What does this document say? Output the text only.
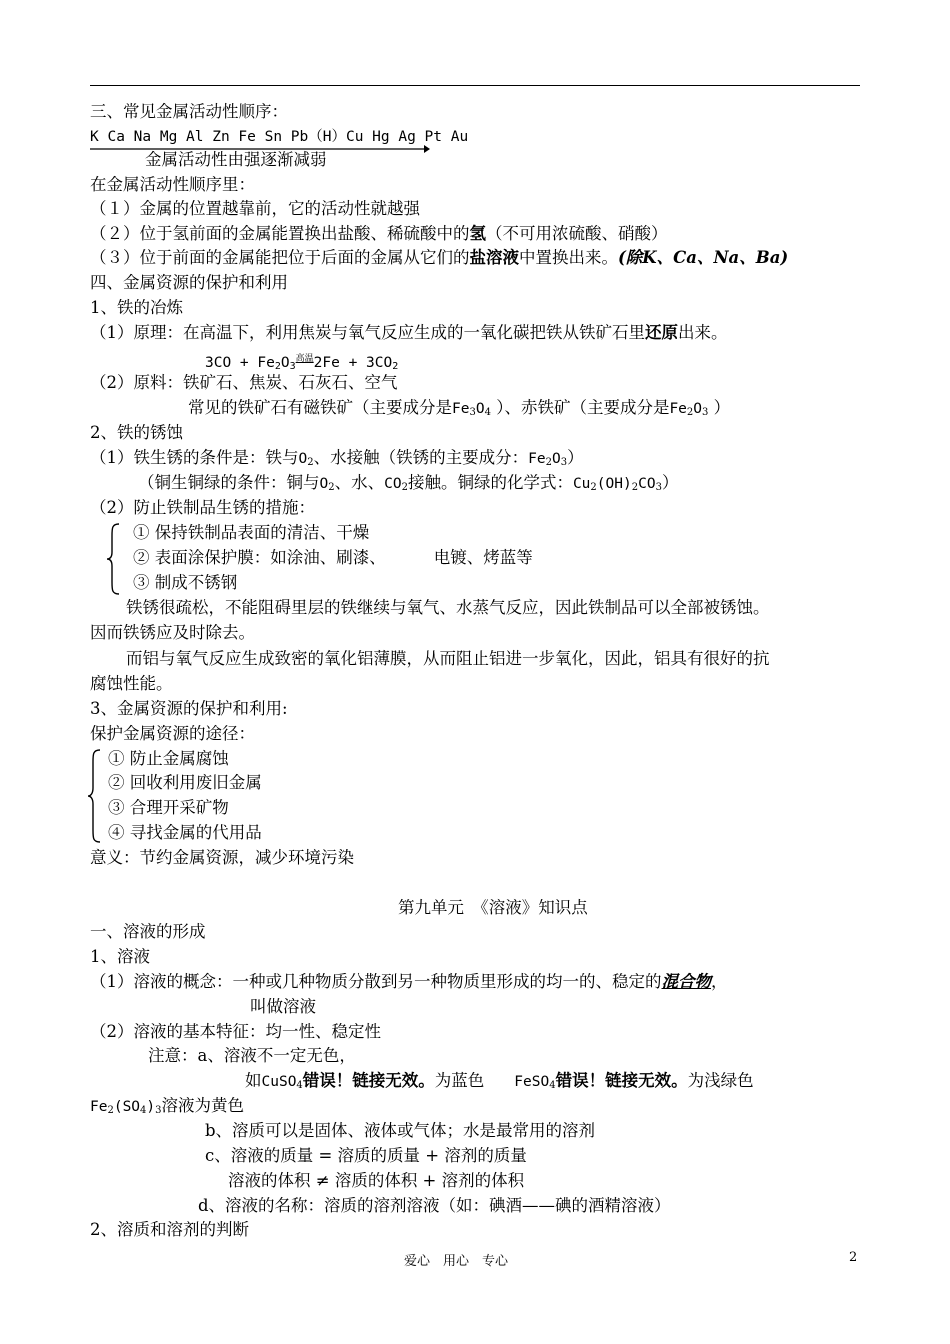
三、常见金属活动性顺序：
K Ca Na Mg Al Zn Fe Sn Pb（H）Cu Hg Ag Pt Au
金属活动性由强逐渐减弱
在金属活动性顺序里：
（１）金属的位置越靠前，它的活动性就越强
（２）位于氢前面的金属能置换出盐酸、稀硫酸中的氢（不可用浓硫酸、硝酸）
（３）位于前面的金属能把位于后面的金属从它们的盐溶液中置换出来。(除K、Ca、Na、Ba)
四、金属资源的保护和利用
1、铁的冶炼
（1）原理：在高温下，利用焦炭与氧气反应生成的一氧化碳把铁从铁矿石里还原出来。
$3CO + Fe_2O_3^{高温}2Fe + 3CO_2$
（2）原料：铁矿石、焦炭、石灰石、空气
常见的铁矿石有磁铁矿（主要成分是$Fe_3O_4$ ）、赤铁矿（主要成分是$Fe_2O_3$ ）
2、铁的锈蚀
（1）铁生锈的条件是：铁与$O_2$、水接触（铁锈的主要成分：$Fe_2O_3$）
（铜生铜绿的条件：铜与$O_2$、水、$CO_2$接触。铜绿的化学式：$Cu_2(OH)_2CO_3$）
（2）防止铁制品生锈的措施：
① 保持铁制品表面的清洁、干燥
② 表面涂保护膜：如涂油、刷漆、	电镀、烤蓝等
③ 制成不锈钢
铁锈很疏松，不能阻碍里层的铁继续与氧气、水蒸气反应，因此铁制品可以全部被锈蚀。
因而铁锈应及时除去。
而铝与氧气反应生成致密的氧化铝薄膜，从而阻止铝进一步氧化，因此，铝具有很好的抗
腐蚀性能。
3、金属资源的保护和利用:
保护金属资源的途径：
① 防止金属腐蚀
② 回收利用废旧金属
③ 合理开采矿物
④ 寻找金属的代用品
意义：节约金属资源，减少环境污染
第九单元　《溶液》知识点
一、溶液的形成
1、溶液
（1）溶液的概念：一种或几种物质分散到另一种物质里形成的均一的、稳定的混合物，
叫做溶液
（2）溶液的基本特征：均一性、稳定性
注意：a、溶液不一定无色，
如CuSO$_4$错误！链接无效。为蓝色 FeSO$_4$错误！链接无效。为浅绿色
$Fe_2(SO_4)_3$溶液为黄色
b、溶质可以是固体、液体或气体；水是最常用的溶剂
c、溶液的质量 = 溶质的质量 + 溶剂的质量
溶液的体积 ≠ 溶质的体积 + 溶剂的体积
d、溶液的名称：溶质的溶剂溶液（如：碘酒——碘的酒精溶液）
2、溶质和溶剂的判断
爱心　用心　专心	2
